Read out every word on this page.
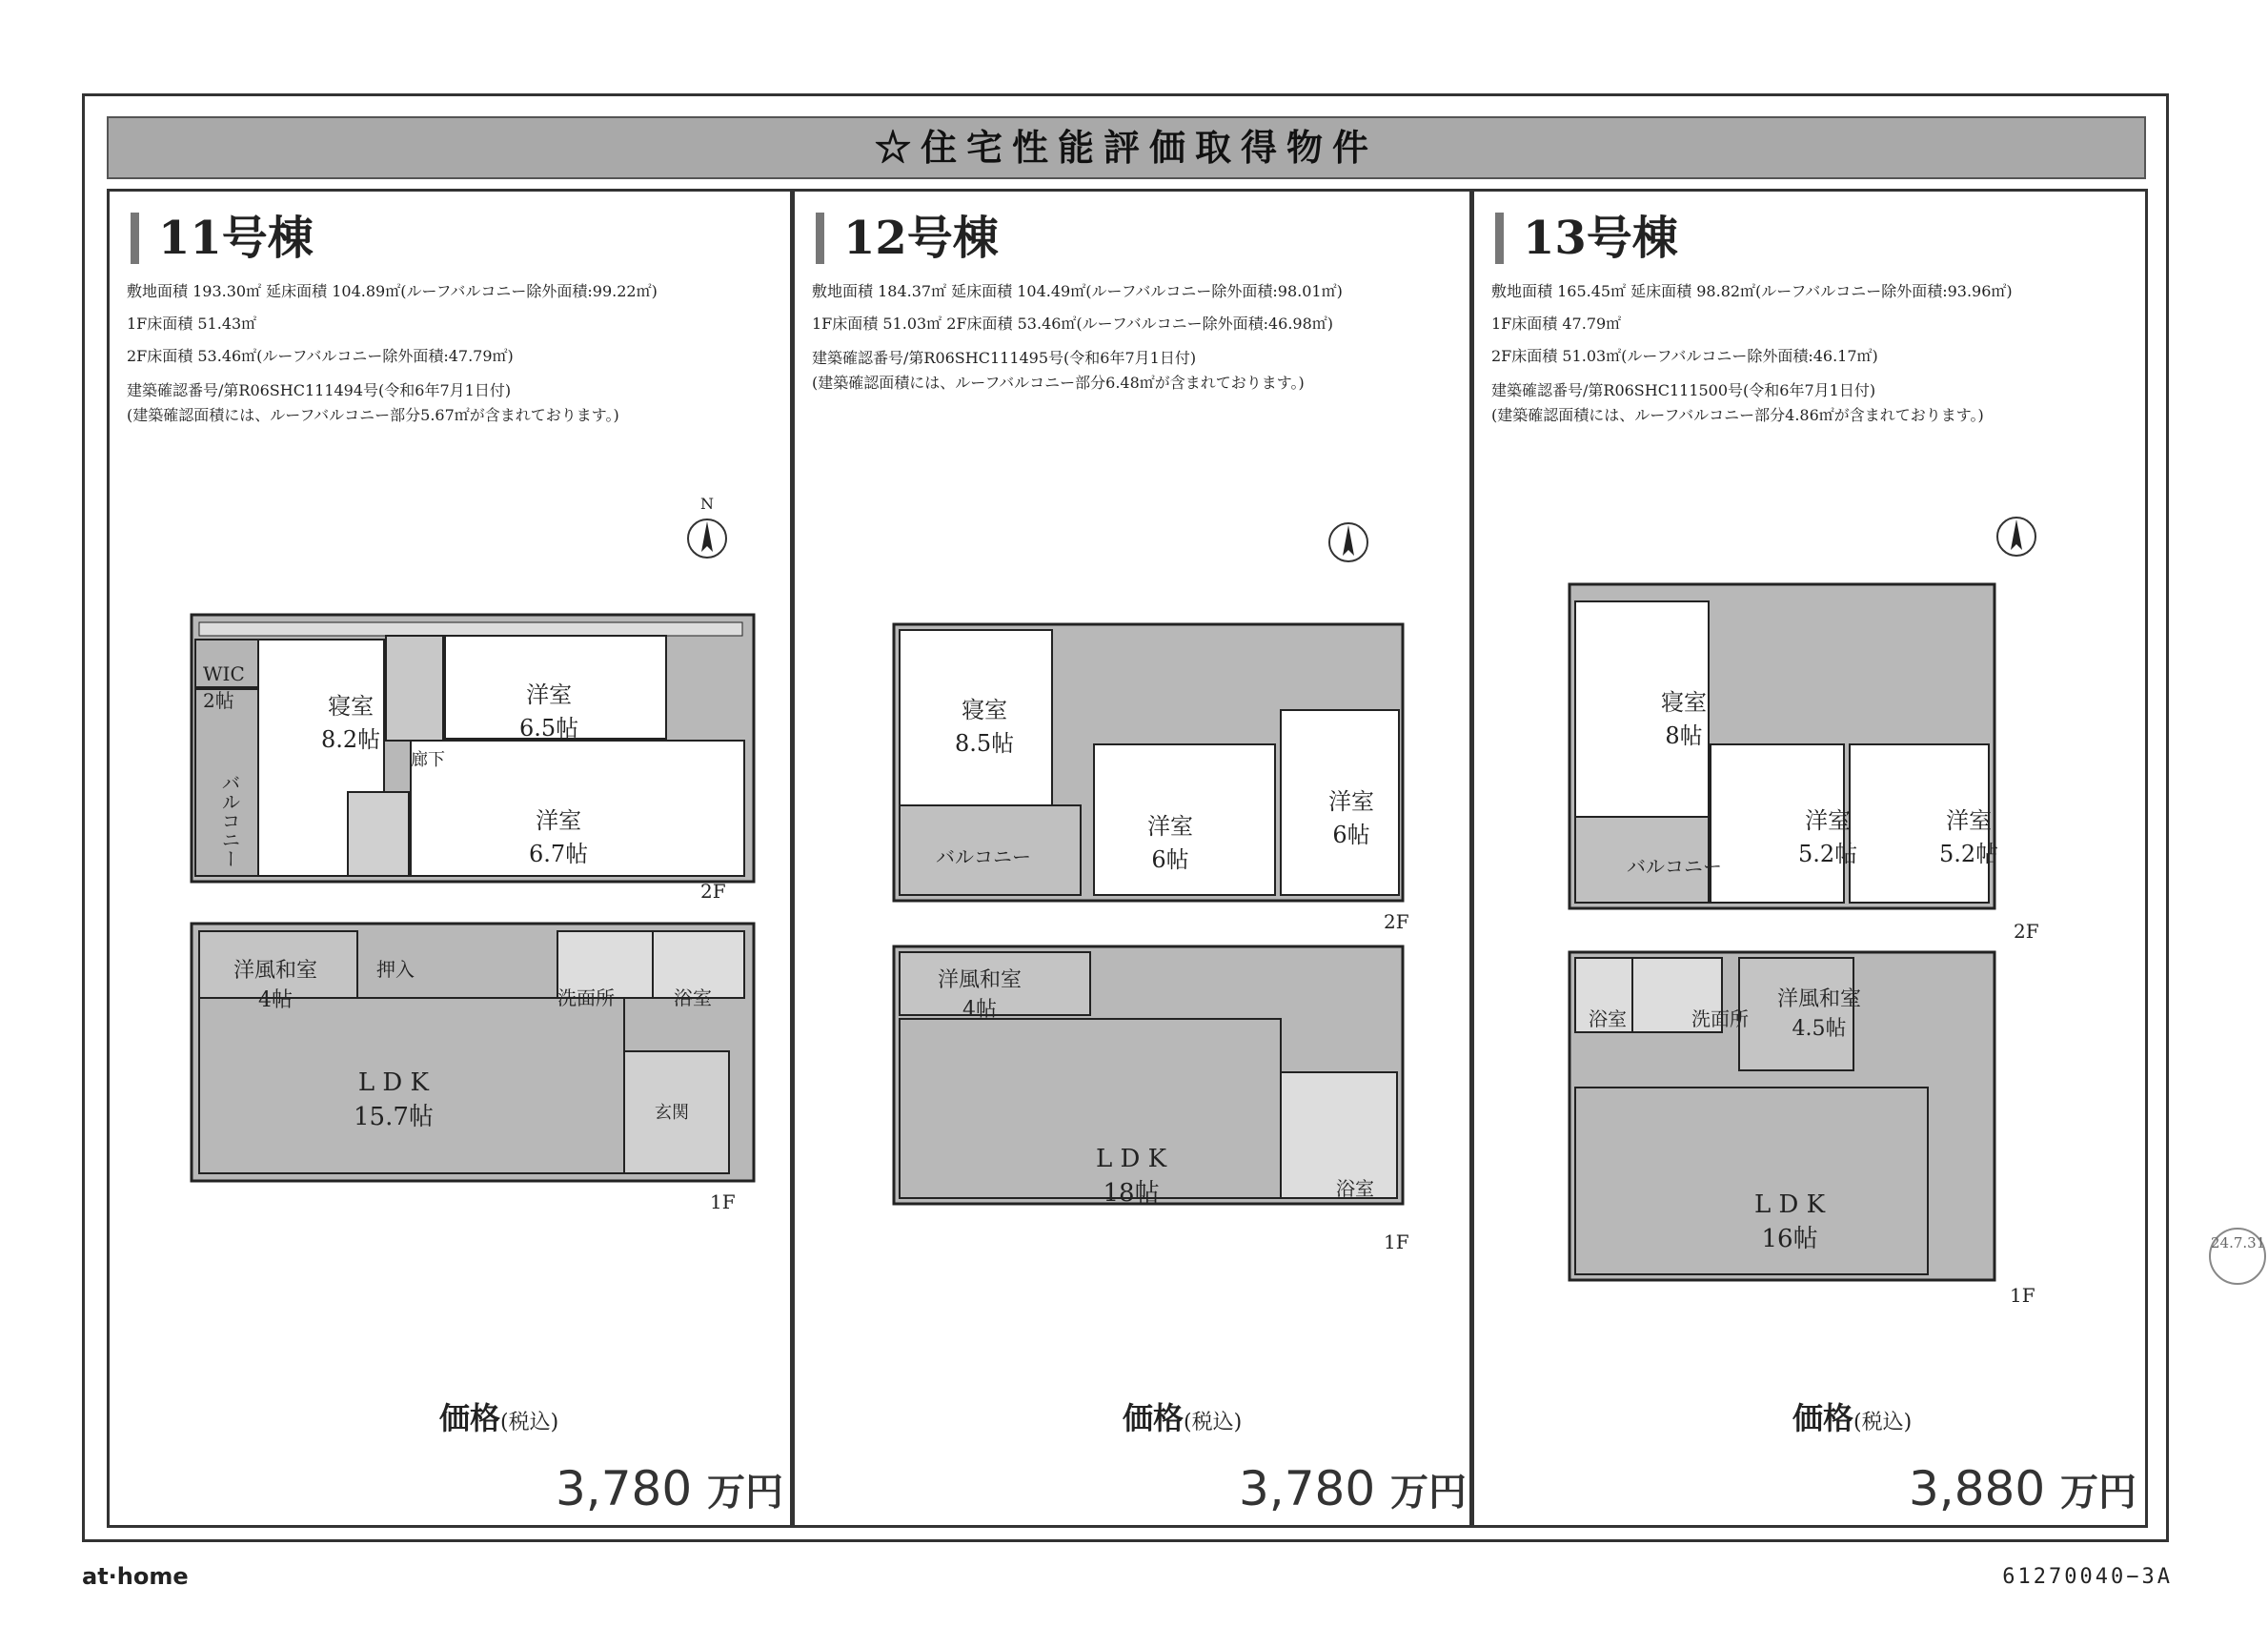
☆住宅性能評価取得物件
11号棟
敷地面積 193.30㎡ 延床面積 104.89㎡(ルーフバルコニー除外面積:99.22㎡)
1F床面積 51.43㎡
2F床面積 53.46㎡(ルーフバルコニー除外面積:47.79㎡)
建築確認番号/第R06SHC111494号(令和6年7月1日付)
(建築確認面積には、ルーフバルコニー部分5.67㎡が含まれております。)
N
WIC
2帖	寝室
8.2帖
洋室
6.5帖
洋室
6.7帖
バルコニー
廊下
2F
洋風和室
4帖
押入
洗面所	浴室
L D K
15.7帖	玄関
1F
価格(税込)
3,780 万円
12号棟
敷地面積 184.37㎡ 延床面積 104.49㎡(ルーフバルコニー除外面積:98.01㎡)
1F床面積 51.03㎡ 2F床面積 53.46㎡(ルーフバルコニー除外面積:46.98㎡)
建築確認番号/第R06SHC111495号(令和6年7月1日付)
(建築確認面積には、ルーフバルコニー部分6.48㎡が含まれております。)
寝室
8.5帖
バルコニー
洋室
6帖
洋室
6帖
2F
洋風和室
4帖
L D K
18帖	浴室
1F
価格(税込)
3,780 万円
13号棟
敷地面積 165.45㎡ 延床面積 98.82㎡(ルーフバルコニー除外面積:93.96㎡)
1F床面積 47.79㎡
2F床面積 51.03㎡(ルーフバルコニー除外面積:46.17㎡)
建築確認番号/第R06SHC111500号(令和6年7月1日付)
(建築確認面積には、ルーフバルコニー部分4.86㎡が含まれております。)
寝室
8帖
バルコニー
洋室
5.2帖
洋室
5.2帖
2F
浴室	洗面所
洋風和室
4.5帖
L D K
16帖
1F
価格(税込)
3,880 万円
at·home	61270040−3A
24.7.31
